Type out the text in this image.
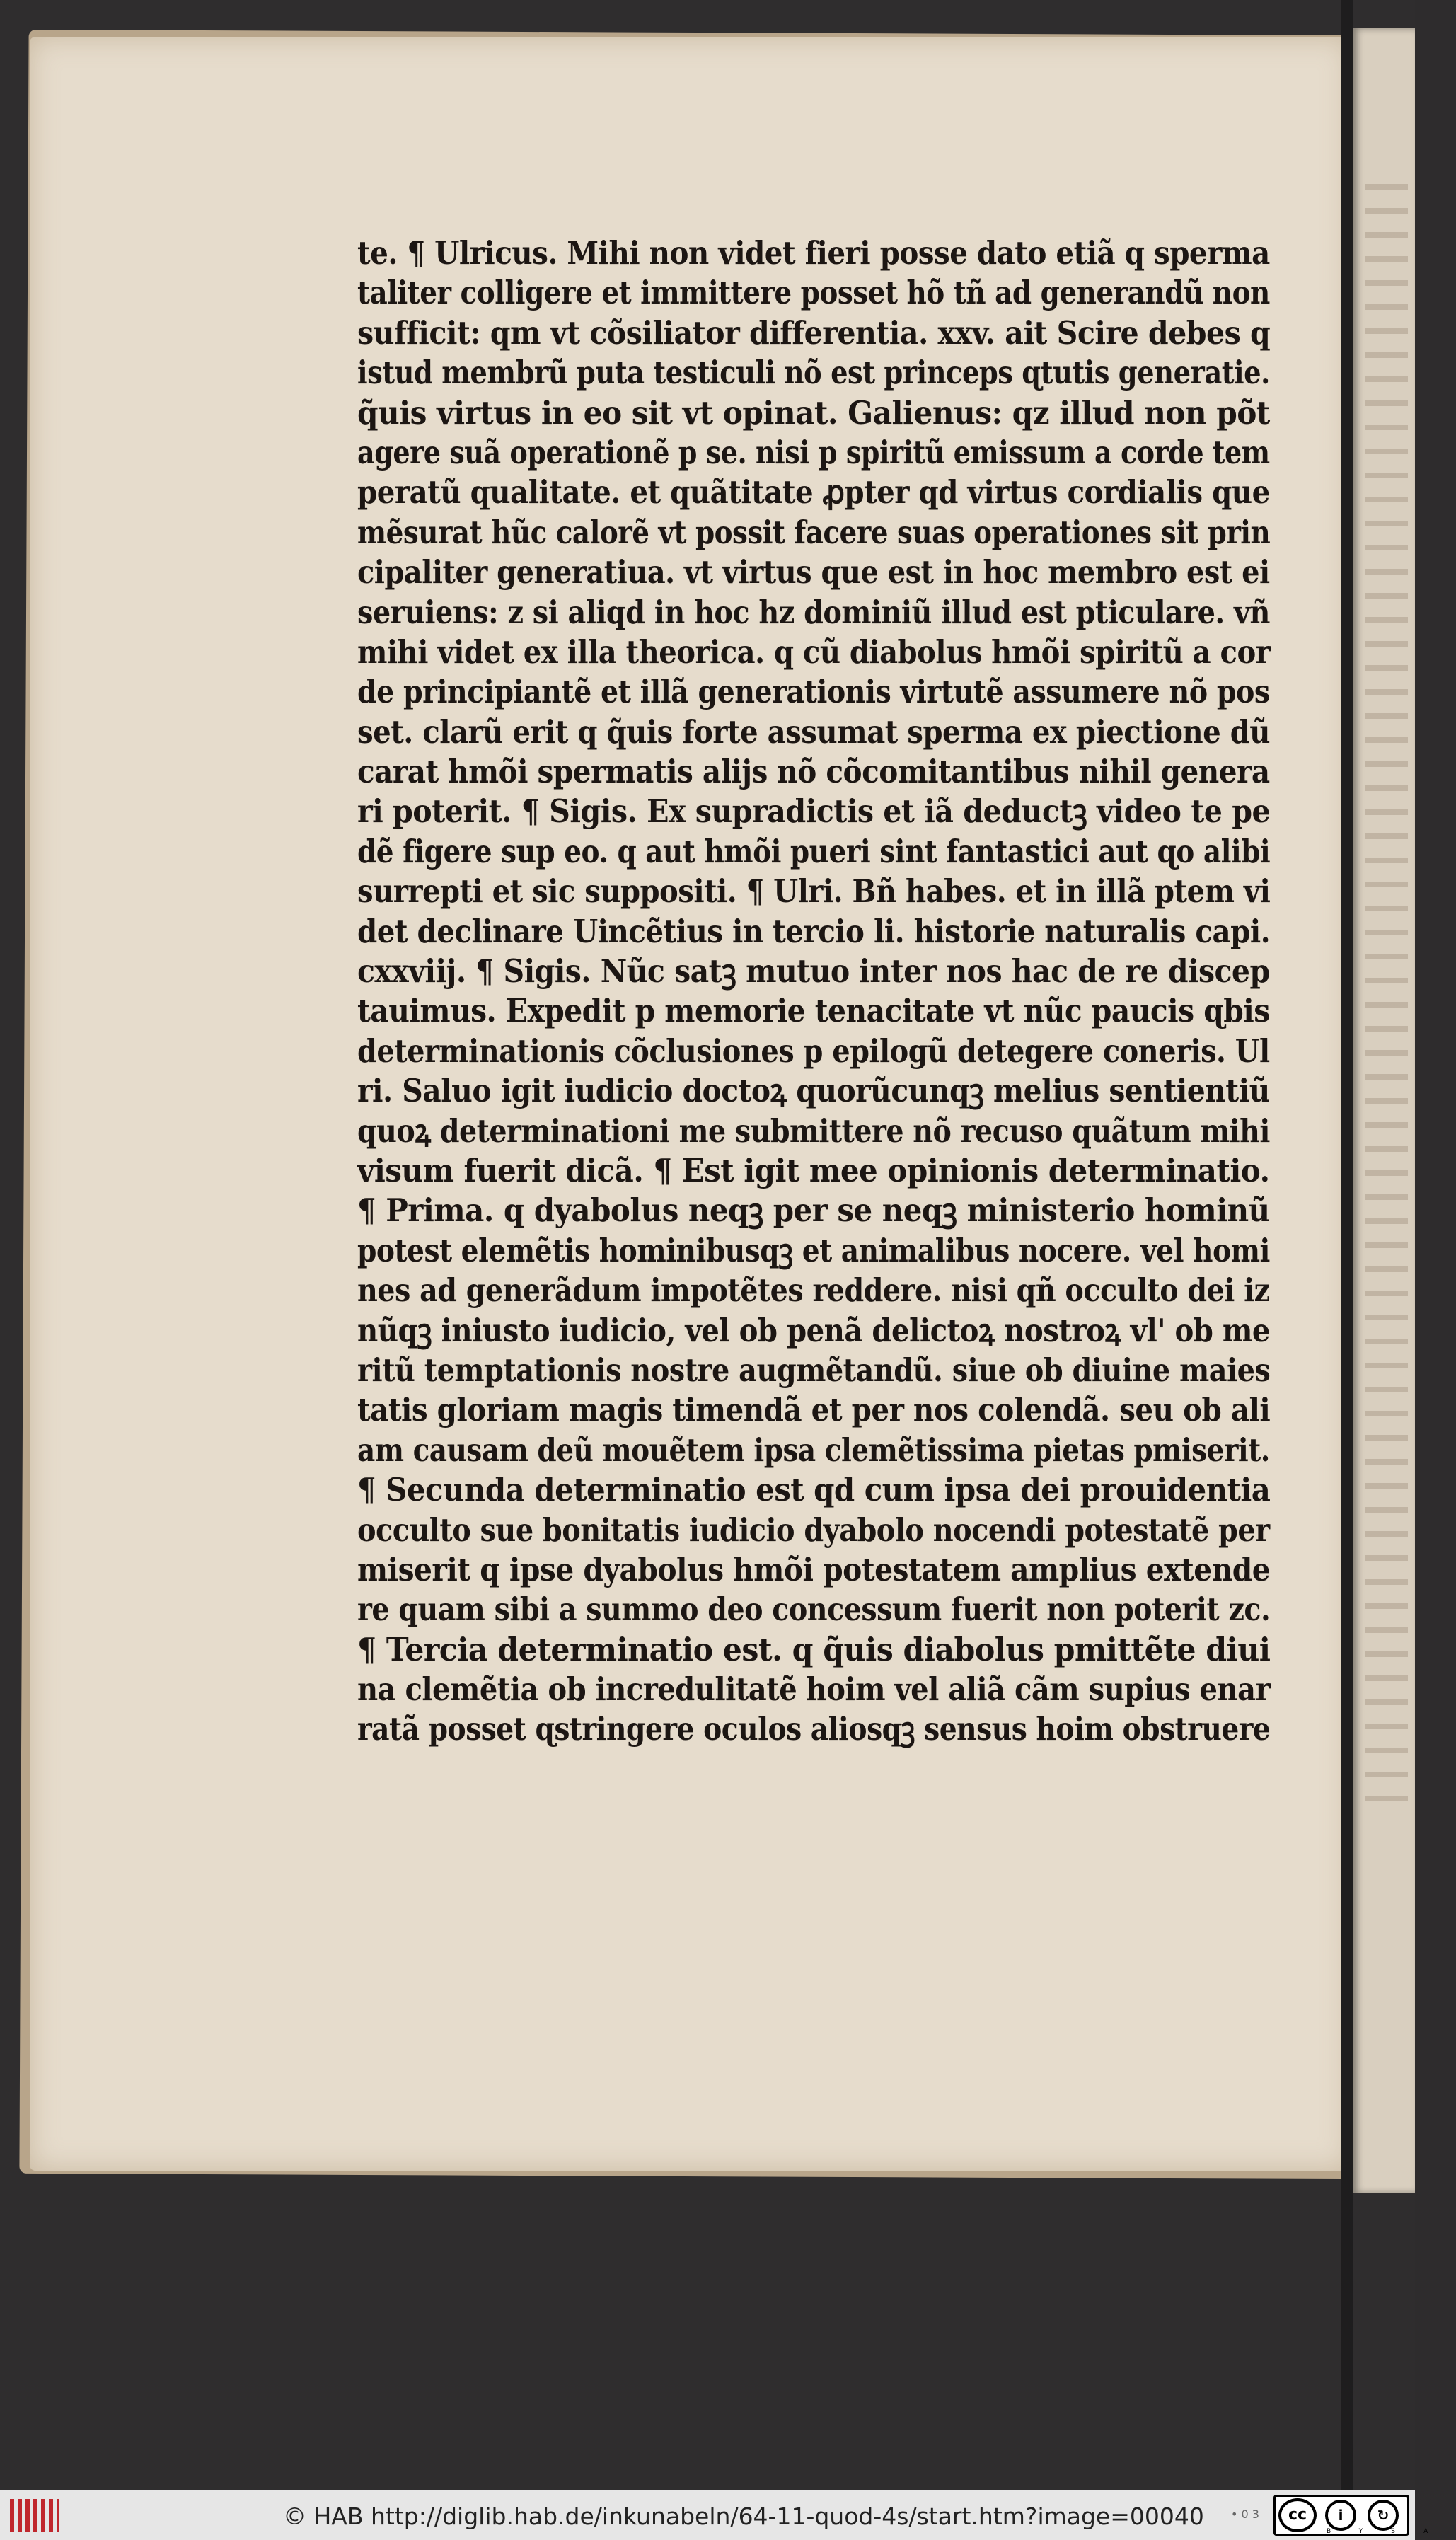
te. ¶ Ulricus. Mihi non videt fieri posse dato etiã q sperma
taliter colligere et immittere posset hõ tñ ad generandũ non
sufficit: qm vt cõsiliator differentia. xxv. ait Scire debes q
istud membrũ puta testiculi nõ est princeps ɋtutis generatie.
q̃uis virtus in eo sit vt opinat. Galienus: qz illud non põt
agere suã operationẽ p se. nisi p spiritũ emissum a corde tem
peratũ qualitate. et quãtitate ꝓpter qd virtus cordialis que
mẽsurat hũc calorẽ vt possit facere suas operationes sit prin
cipaliter generatiua. vt virtus que est in hoc membro est ei
seruiens: z si aliqd in hoc hz dominiũ illud est pticulare. vñ
mihi videt ex illa theorica. q cũ diabolus hmõi spiritũ a cor
de principiantẽ et illã generationis virtutẽ assumere nõ pos
set. clarũ erit q q̃uis forte assumat sperma ex piectione dũ
carat hmõi spermatis alijs nõ cõcomitantibus nihil genera
ri poterit. ¶ Sigis. Ex supradictis et iã deductꝫ video te pe
dẽ figere sup eo. q aut hmõi pueri sint fantastici aut ɋo alibi
surrepti et sic suppositi. ¶ Ulri. Bñ habes. et in illã ptem vi
det declinare Uincẽtius in tercio li. historie naturalis capi.
cxxviij. ¶ Sigis. Nũc satꝫ mutuo inter nos hac de re discep
tauimus. Expedit p memorie tenacitate vt nũc paucis ɋbis
determinationis cõclusiones p epilogũ detegere coneris. Ul
ri. Saluo igit iudicio doctoꝝ quorũcunqꝫ melius sentientiũ
quoꝝ determinationi me submittere nõ recuso quãtum mihi
visum fuerit dicã. ¶ Est igit mee opinionis determinatio.
¶ Prima. q dyabolus neqꝫ per se neqꝫ ministerio hominũ
potest elemẽtis hominibusqꝫ et animalibus nocere. vel homi
nes ad generãdum impotẽtes reddere. nisi qñ occulto dei iz
nũqꝫ iniusto iudicio, vel ob penã delictoꝝ nostroꝝ vl' ob me
ritũ temptationis nostre augmẽtandũ. siue ob diuine maies
tatis gloriam magis timendã et per nos colendã. seu ob ali
am causam deũ mouẽtem ipsa clemẽtissima pietas pmiserit.
¶ Secunda determinatio est qd cum ipsa dei prouidentia
occulto sue bonitatis iudicio dyabolo nocendi potestatẽ per
miserit q ipse dyabolus hmõi potestatem amplius extende
re quam sibi a summo deo concessum fuerit non poterit zc.
¶ Tercia determinatio est. q q̃uis diabolus pmittẽte diui
na clemẽtia ob incredulitatẽ hoim vel aliã cãm supius enar
ratã posset ɋstringere oculos aliosqꝫ sensus hoim obstruere
© HAB http://diglib.hab.de/inkunabeln/64-11-quod-4s/start.htm?image=00040 • 0 3	cc	i	↻
BYSA
